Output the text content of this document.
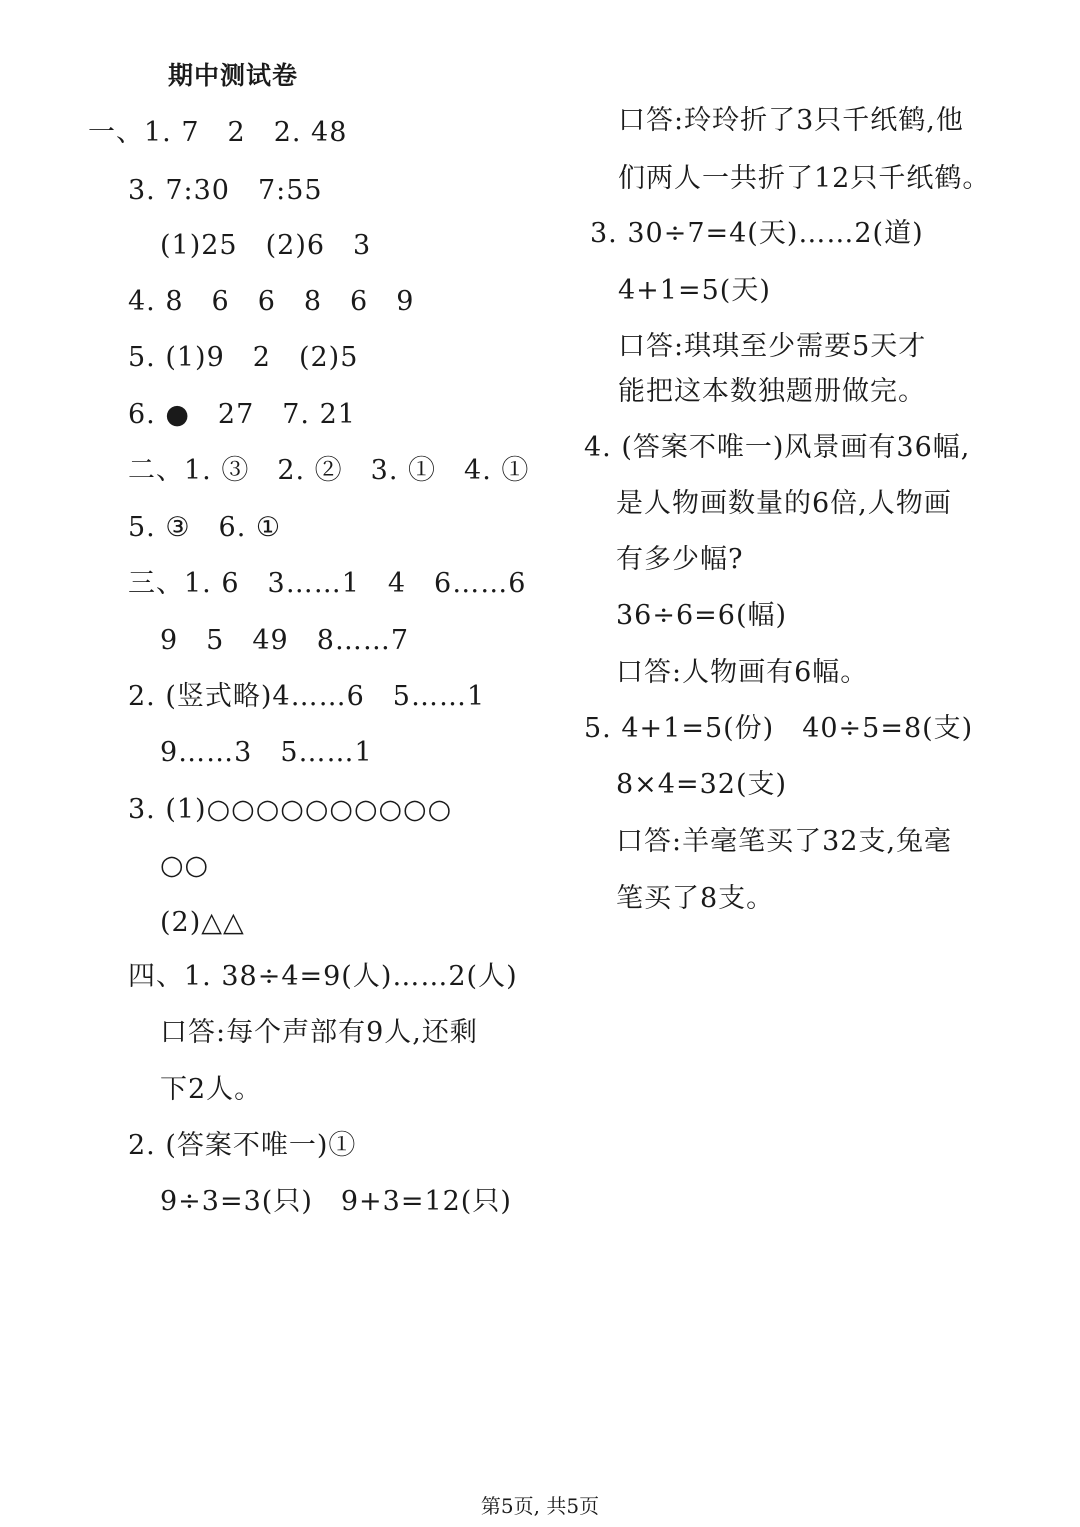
期中测试卷
一、1. 7　2　2. 48
3. 7:30　7:55
(1)25　(2)6　3
4. 8　6　6　8　6　9
5. (1)9　2　(2)5
6. ●　27　7. 21
二、1. ③　2. ②　3. ①　4. ①
5. ③　6. ①
三、1. 6　3……1　4　6……6
9　5　49　8……7
2. (竖式略)4……6　5……1
9……3　5……1
3. (1)○○○○○○○○○○
○○
(2)△△
四、1. 38÷4=9(人)……2(人)
口答:每个声部有9人,还剩
下2人。
2. (答案不唯一)①
9÷3=3(只)　9+3=12(只)
口答:玲玲折了3只千纸鹤,他
们两人一共折了12只千纸鹤。
3. 30÷7=4(天)……2(道)
4+1=5(天)
口答:琪琪至少需要5天才
能把这本数独题册做完。
4. (答案不唯一)风景画有36幅,
是人物画数量的6倍,人物画
有多少幅?
36÷6=6(幅)
口答:人物画有6幅。
5. 4+1=5(份)　40÷5=8(支)
8×4=32(支)
口答:羊毫笔买了32支,兔毫
笔买了8支。
第5页, 共5页
